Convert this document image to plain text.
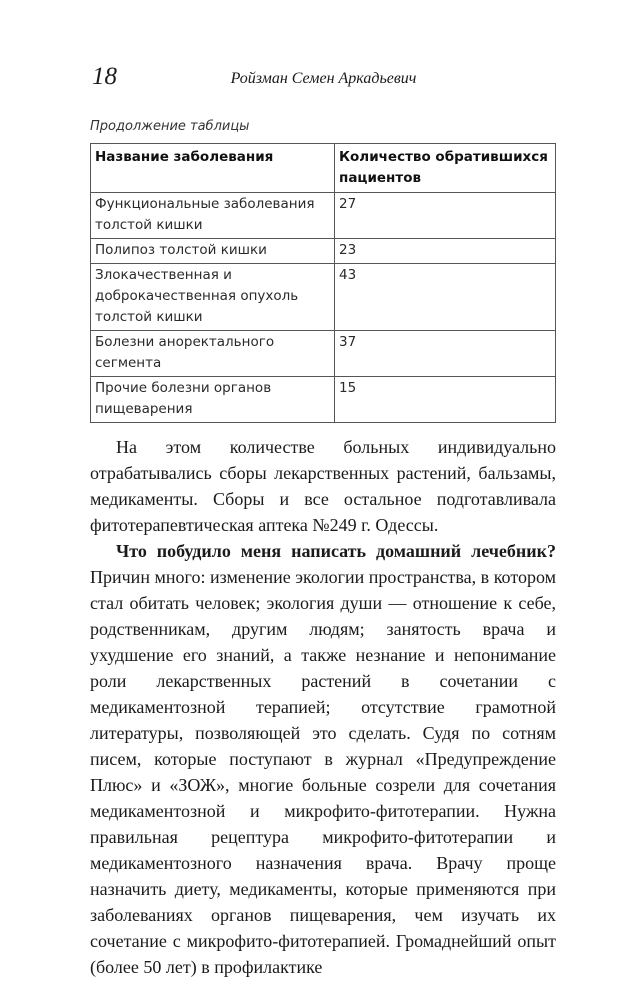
18	Ройзман Семен Аркадьевич
Продолжение таблицы
Название заболевания	Количество обратившихся пациентов
Функциональные заболевания толстой кишки	27
Полипоз толстой кишки	23
Злокачественная и доброкачественная опухоль толстой кишки	43
Болезни аноректального сегмента	37
Прочие болезни органов пищеварения	15

На этом количестве больных индивидуально отрабатывались сборы лекарственных растений, бальзамы, медикаменты. Сборы и все остальное подготавливала фитотерапевтическая аптека №249 г. Одессы.

Что побудило меня написать домашний лечебник? Причин много: изменение экологии пространства, в котором стал обитать человек; экология души — отношение к себе, родственникам, другим людям; занятость врача и ухудшение его знаний, а также незнание и непонимание роли лекарственных растений в сочетании с медикаментозной терапией; отсутствие грамотной литературы, позволяющей это сделать. Судя по сотням писем, которые поступают в журнал «Предупреждение Плюс» и «ЗОЖ», многие больные созрели для сочетания медикаментозной и микрофито-фитотерапии. Нужна правильная рецептура микрофито-фитотерапии и медикаментозного назначения врача. Врачу проще назначить диету, медикаменты, которые применяются при заболеваниях органов пищеварения, чем изучать их сочетание с микрофито-фитотерапией. Громаднейший опыт (более 50 лет) в профилактике
